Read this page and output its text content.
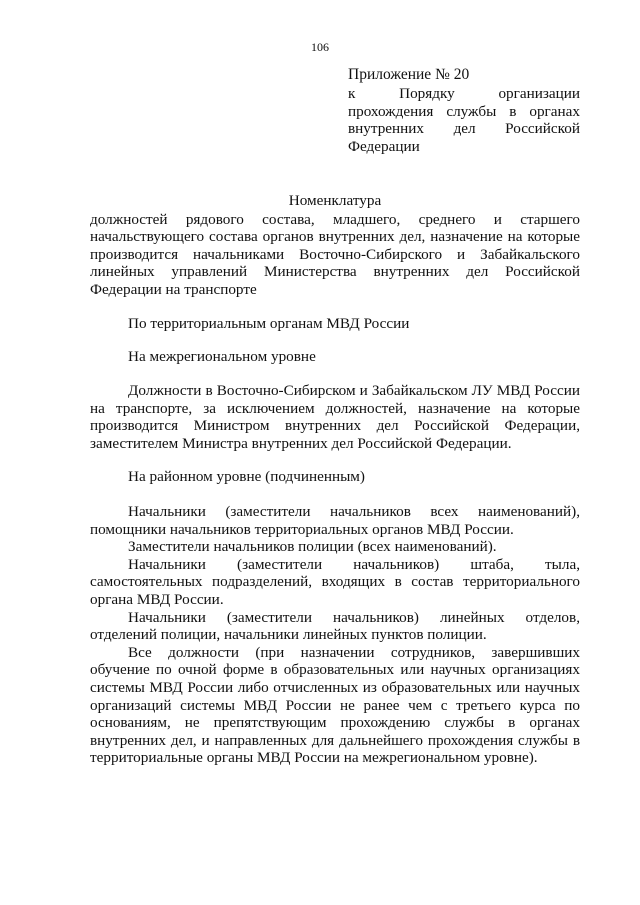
106
Приложение № 20
к Порядку организации прохождения службы в органах внутренних дел Российской Федерации
Номенклатура
должностей рядового состава, младшего, среднего и старшего начальствующего состава органов внутренних дел, назначение на которые производится начальниками Восточно-Сибирского и Забайкальского линейных управлений Министерства внутренних дел Российской Федерации на транспорте
По территориальным органам МВД России
На межрегиональном уровне
Должности в Восточно-Сибирском и Забайкальском ЛУ МВД России на транспорте, за исключением должностей, назначение на которые производится Министром внутренних дел Российской Федерации, заместителем Министра внутренних дел Российской Федерации.
На районном уровне (подчиненным)
Начальники (заместители начальников всех наименований), помощники начальников территориальных органов МВД России.
Заместители начальников полиции (всех наименований).
Начальники (заместители начальников) штаба, тыла, самостоятельных подразделений, входящих в состав территориального органа МВД России.
Начальники (заместители начальников) линейных отделов, отделений полиции, начальники линейных пунктов полиции.
Все должности (при назначении сотрудников, завершивших обучение по очной форме в образовательных или научных организациях системы МВД России либо отчисленных из образовательных или научных организаций системы МВД России не ранее чем с третьего курса по основаниям, не препятствующим прохождению службы в органах внутренних дел, и направленных для дальнейшего прохождения службы в территориальные органы МВД России на межрегиональном уровне).
